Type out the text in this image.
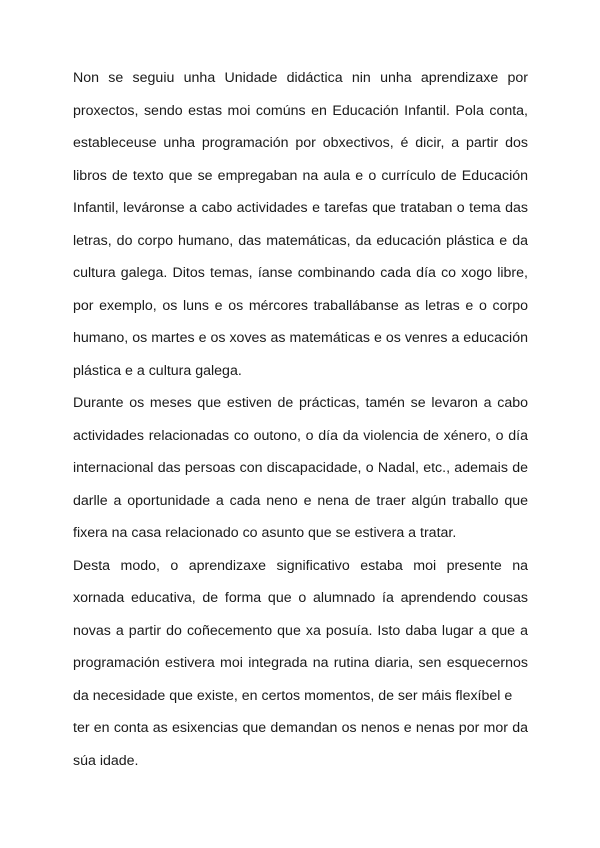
Non se seguiu unha Unidade didáctica nin unha aprendizaxe por
proxectos, sendo estas moi comúns en Educación Infantil. Pola conta,
estableceuse unha programación por obxectivos, é dicir, a partir dos
libros de texto que se empregaban na aula e o currículo de Educación
Infantil, leváronse a cabo actividades e tarefas que trataban o tema das
letras, do corpo humano, das matemáticas, da educación plástica e da
cultura galega. Ditos temas, íanse combinando cada día co xogo libre,
por exemplo, os luns e os mércores traballábanse as letras e o corpo
humano, os martes e os xoves as matemáticas e os venres a educación
plástica e a cultura galega.
Durante os meses que estiven de prácticas, tamén se levaron a cabo
actividades relacionadas co outono, o día da violencia de xénero, o día
internacional das persoas con discapacidade, o Nadal, etc., ademais de
darlle a oportunidade a cada neno e nena de traer algún traballo que
fixera na casa relacionado co asunto que se estivera a tratar.
Desta modo, o aprendizaxe significativo estaba moi presente na
xornada educativa, de forma que o alumnado ía aprendendo cousas
novas a partir do coñecemento que xa posuía. Isto daba lugar a que a
programación estivera moi integrada na rutina diaria, sen esquecernos
da necesidade que existe, en certos momentos, de ser máis flexíbel e
ter en conta as esixencias que demandan os nenos e nenas por mor da
súa idade.
